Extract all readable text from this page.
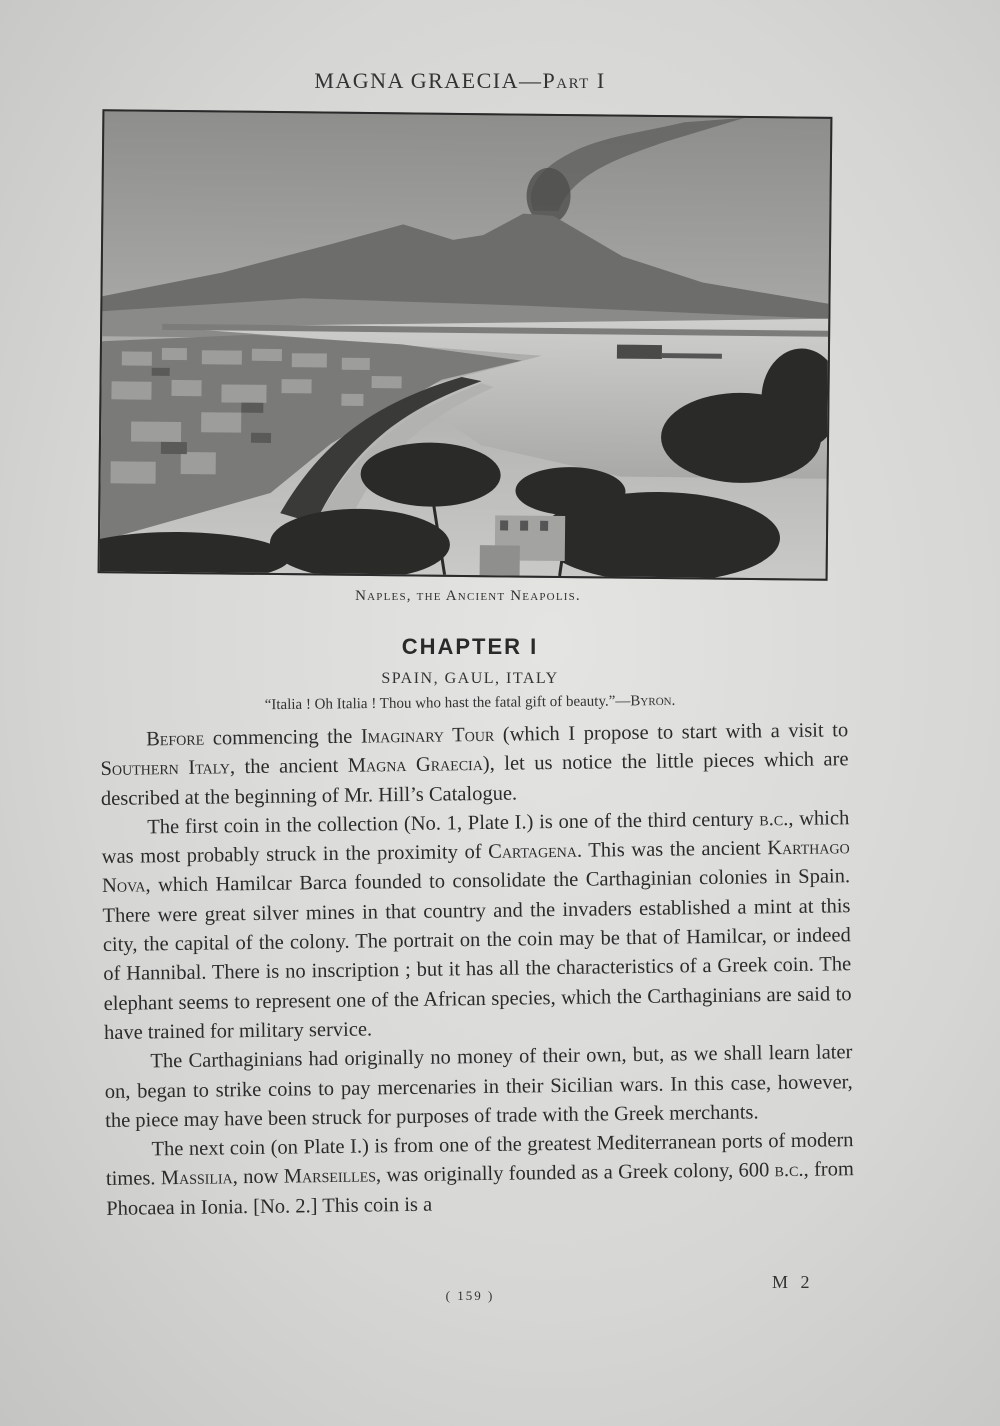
MAGNA GRAECIA—Part I
Naples, the Ancient Neapolis.
CHAPTER I
SPAIN, GAUL, ITALY
“Italia ! Oh Italia ! Thou who hast the fatal gift of beauty.”—Byron.

Before commencing the Imaginary Tour (which I propose to start with a visit to Southern Italy, the ancient Magna Graecia), let us notice the little pieces which are described at the beginning of Mr. Hill’s Catalogue.

The first coin in the collection (No. 1, Plate I.) is one of the third century b.c., which was most probably struck in the proximity of Cartagena. This was the ancient Karthago Nova, which Hamilcar Barca founded to consolidate the Carthaginian colonies in Spain. There were great silver mines in that country and the invaders established a mint at this city, the capital of the colony. The portrait on the coin may be that of Hamilcar, or indeed of Hannibal. There is no inscription ; but it has all the characteristics of a Greek coin. The elephant seems to represent one of the African species, which the Carthaginians are said to have trained for military service.

The Carthaginians had originally no money of their own, but, as we shall learn later on, began to strike coins to pay mercenaries in their Sicilian wars. In this case, however, the piece may have been struck for purposes of trade with the Greek merchants.

The next coin (on Plate I.) is from one of the greatest Mediterranean ports of modern times. Massilia, now Marseilles, was originally founded as a Greek colony, 600 b.c., from Phocaea in Ionia. [No. 2.] This coin is a

M 2
( 159 )
